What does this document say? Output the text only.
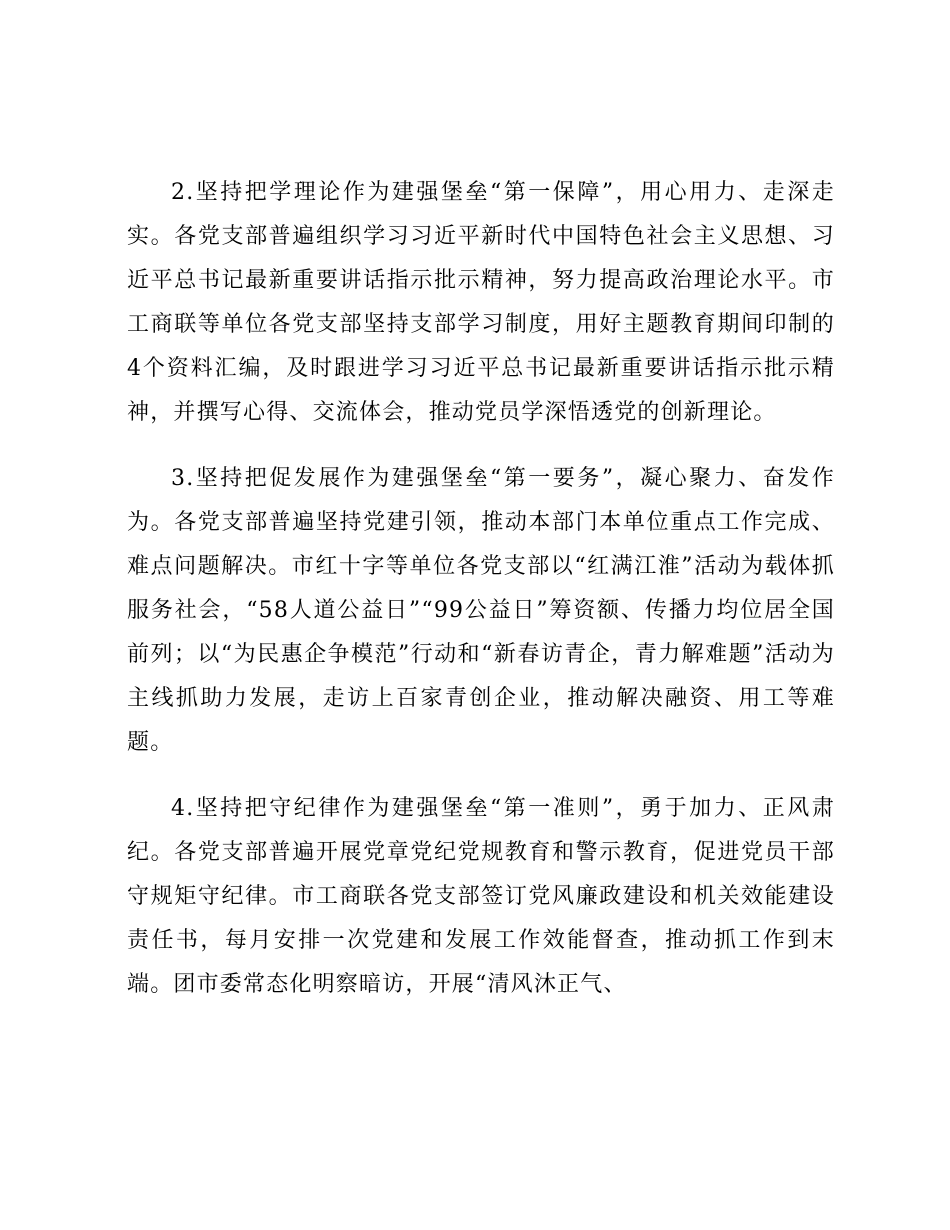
2.坚持把学理论作为建强堡垒“第一保障”，用心用力、走深走实。各党支部普遍组织学习习近平新时代中国特色社会主义思想、习近平总书记最新重要讲话指示批示精神，努力提高政治理论水平。市工商联等单位各党支部坚持支部学习制度，用好主题教育期间印制的4个资料汇编，及时跟进学习习近平总书记最新重要讲话指示批示精神，并撰写心得、交流体会，推动党员学深悟透党的创新理论。

3.坚持把促发展作为建强堡垒“第一要务”，凝心聚力、奋发作为。各党支部普遍坚持党建引领，推动本部门本单位重点工作完成、难点问题解决。市红十字等单位各党支部以“红满江淮”活动为载体抓服务社会，“58人道公益日”“99公益日”筹资额、传播力均位居全国前列；以“为民惠企争模范”行动和“新春访青企，青力解难题”活动为主线抓助力发展，走访上百家青创企业，推动解决融资、用工等难题。

4.坚持把守纪律作为建强堡垒“第一准则”，勇于加力、正风肃纪。各党支部普遍开展党章党纪党规教育和警示教育，促进党员干部守规矩守纪律。市工商联各党支部签订党风廉政建设和机关效能建设责任书，每月安排一次党建和发展工作效能督查，推动抓工作到末端。团市委常态化明察暗访，开展“清风沐正气、
